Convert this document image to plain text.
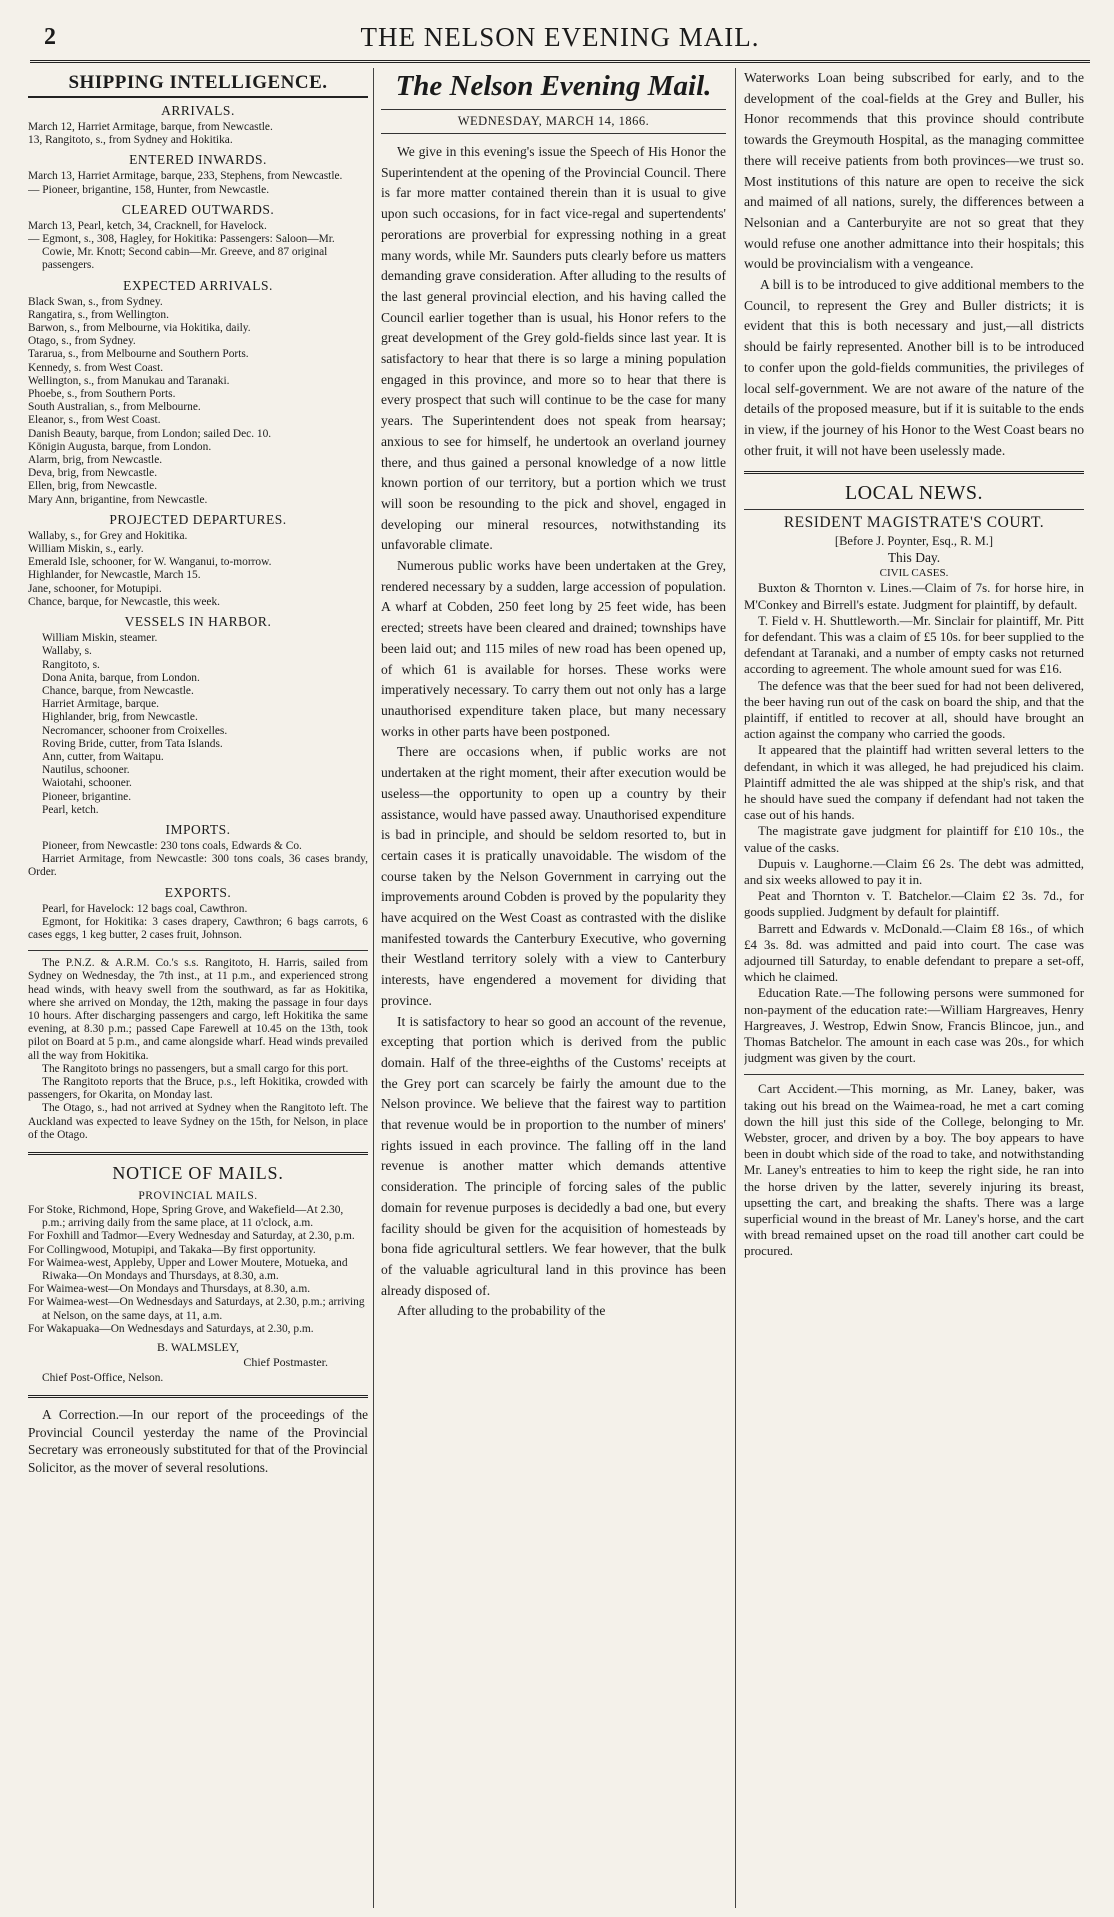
2	THE NELSON EVENING MAIL.
SHIPPING INTELLIGENCE.
ARRIVALS.

March 12, Harriet Armitage, barque, from Newcastle.

13, Rangitoto, s., from Sydney and Hokitika.

ENTERED INWARDS.

March 13, Harriet Armitage, barque, 233, Stephens, from Newcastle.

— Pioneer, brigantine, 158, Hunter, from Newcastle.

CLEARED OUTWARDS.

March 13, Pearl, ketch, 34, Cracknell, for Havelock.

— Egmont, s., 308, Hagley, for Hokitika: Passengers: Saloon—Mr. Cowie, Mr. Knott; Second cabin—Mr. Greeve, and 87 original passengers.

EXPECTED ARRIVALS.

Black Swan, s., from Sydney.

Rangatira, s., from Wellington.

Barwon, s., from Melbourne, via Hokitika, daily.

Otago, s., from Sydney.

Tararua, s., from Melbourne and Southern Ports.

Kennedy, s. from West Coast.

Wellington, s., from Manukau and Taranaki.

Phoebe, s., from Southern Ports.

South Australian, s., from Melbourne.

Eleanor, s., from West Coast.

Danish Beauty, barque, from London; sailed Dec. 10.

Königin Augusta, barque, from London.

Alarm, brig, from Newcastle.

Deva, brig, from Newcastle.

Ellen, brig, from Newcastle.

Mary Ann, brigantine, from Newcastle.

PROJECTED DEPARTURES.

Wallaby, s., for Grey and Hokitika.

William Miskin, s., early.

Emerald Isle, schooner, for W. Wanganui, to-morrow.

Highlander, for Newcastle, March 15.

Jane, schooner, for Motupipi.

Chance, barque, for Newcastle, this week.

VESSELS IN HARBOR.

William Miskin, steamer.

Wallaby, s.

Rangitoto, s.

Dona Anita, barque, from London.

Chance, barque, from Newcastle.

Harriet Armitage, barque.

Highlander, brig, from Newcastle.

Necromancer, schooner from Croixelles.

Roving Bride, cutter, from Tata Islands.

Ann, cutter, from Waitapu.

Nautilus, schooner.

Waiotahi, schooner.

Pioneer, brigantine.

Pearl, ketch.

IMPORTS.

Pioneer, from Newcastle: 230 tons coals, Edwards & Co.

Harriet Armitage, from Newcastle: 300 tons coals, 36 cases brandy, Order.

EXPORTS.

Pearl, for Havelock: 12 bags coal, Cawthron.

Egmont, for Hokitika: 3 cases drapery, Cawthron; 6 bags carrots, 6 cases eggs, 1 keg butter, 2 cases fruit, Johnson.

The P.N.Z. & A.R.M. Co.'s s.s. Rangitoto, H. Harris, sailed from Sydney on Wednesday, the 7th inst., at 11 p.m., and experienced strong head winds, with heavy swell from the southward, as far as Hokitika, where she arrived on Monday, the 12th, making the passage in four days 10 hours. After discharging passengers and cargo, left Hokitika the same evening, at 8.30 p.m.; passed Cape Farewell at 10.45 on the 13th, took pilot on Board at 5 p.m., and came alongside wharf. Head winds prevailed all the way from Hokitika.

The Rangitoto brings no passengers, but a small cargo for this port.

The Rangitoto reports that the Bruce, p.s., left Hokitika, crowded with passengers, for Okarita, on Monday last.

The Otago, s., had not arrived at Sydney when the Rangitoto left. The Auckland was expected to leave Sydney on the 15th, for Nelson, in place of the Otago.

NOTICE OF MAILS.
PROVINCIAL MAILS.

For Stoke, Richmond, Hope, Spring Grove, and Wakefield—At 2.30, p.m.; arriving daily from the same place, at 11 o'clock, a.m.

For Foxhill and Tadmor—Every Wednesday and Saturday, at 2.30, p.m.

For Collingwood, Motupipi, and Takaka—By first opportunity.

For Waimea-west, Appleby, Upper and Lower Moutere, Motueka, and Riwaka—On Mondays and Thursdays, at 8.30, a.m.

For Waimea-west—On Mondays and Thursdays, at 8.30, a.m.

For Waimea-west—On Wednesdays and Saturdays, at 2.30, p.m.; arriving at Nelson, on the same days, at 11, a.m.

For Wakapuaka—On Wednesdays and Saturdays, at 2.30, p.m.

B. WALMSLEY,
Chief Postmaster.
Chief Post-Office, Nelson.

A Correction.—In our report of the proceedings of the Provincial Council yesterday the name of the Provincial Secretary was erroneously substituted for that of the Provincial Solicitor, as the mover of several resolutions.

The Nelson Evening Mail.
WEDNESDAY, MARCH 14, 1866.

We give in this evening's issue the Speech of His Honor the Superintendent at the opening of the Provincial Council. There is far more matter contained therein than it is usual to give upon such occasions, for in fact vice-regal and supertendents' perorations are proverbial for expressing nothing in a great many words, while Mr. Saunders puts clearly before us matters demanding grave consideration. After alluding to the results of the last general provincial election, and his having called the Council earlier together than is usual, his Honor refers to the great development of the Grey gold-fields since last year. It is satisfactory to hear that there is so large a mining population engaged in this province, and more so to hear that there is every prospect that such will continue to be the case for many years. The Superintendent does not speak from hearsay; anxious to see for himself, he undertook an overland journey there, and thus gained a personal knowledge of a now little known portion of our territory, but a portion which we trust will soon be resounding to the pick and shovel, engaged in developing our mineral resources, notwithstanding its unfavorable climate.

Numerous public works have been undertaken at the Grey, rendered necessary by a sudden, large accession of population. A wharf at Cobden, 250 feet long by 25 feet wide, has been erected; streets have been cleared and drained; townships have been laid out; and 115 miles of new road has been opened up, of which 61 is available for horses. These works were imperatively necessary. To carry them out not only has a large unauthorised expenditure taken place, but many necessary works in other parts have been postponed.

There are occasions when, if public works are not undertaken at the right moment, their after execution would be useless—the opportunity to open up a country by their assistance, would have passed away. Unauthorised expenditure is bad in principle, and should be seldom resorted to, but in certain cases it is pratically unavoidable. The wisdom of the course taken by the Nelson Government in carrying out the improvements around Cobden is proved by the popularity they have acquired on the West Coast as contrasted with the dislike manifested towards the Canterbury Executive, who governing their Westland territory solely with a view to Canterbury interests, have engendered a movement for dividing that province.

It is satisfactory to hear so good an account of the revenue, excepting that portion which is derived from the public domain. Half of the three-eighths of the Customs' receipts at the Grey port can scarcely be fairly the amount due to the Nelson province. We believe that the fairest way to partition that revenue would be in proportion to the number of miners' rights issued in each province. The falling off in the land revenue is another matter which demands attentive consideration. The principle of forcing sales of the public domain for revenue purposes is decidedly a bad one, but every facility should be given for the acquisition of homesteads by bona fide agricultural settlers. We fear however, that the bulk of the valuable agricultural land in this province has been already disposed of.

After alluding to the probability of the

Waterworks Loan being subscribed for early, and to the development of the coal-fields at the Grey and Buller, his Honor recommends that this province should contribute towards the Greymouth Hospital, as the managing committee there will receive patients from both provinces—we trust so. Most institutions of this nature are open to receive the sick and maimed of all nations, surely, the differences between a Nelsonian and a Canterburyite are not so great that they would refuse one another admittance into their hospitals; this would be provincialism with a vengeance.

A bill is to be introduced to give additional members to the Council, to represent the Grey and Buller districts; it is evident that this is both necessary and just,—all districts should be fairly represented. Another bill is to be introduced to confer upon the gold-fields communities, the privileges of local self-government. We are not aware of the nature of the details of the proposed measure, but if it is suitable to the ends in view, if the journey of his Honor to the West Coast bears no other fruit, it will not have been uselessly made.

LOCAL NEWS.
RESIDENT MAGISTRATE'S COURT.
[Before J. Poynter, Esq., R. M.]
This Day.
CIVIL CASES.

Buxton & Thornton v. Lines.—Claim of 7s. for horse hire, in M'Conkey and Birrell's estate. Judgment for plaintiff, by default.

T. Field v. H. Shuttleworth.—Mr. Sinclair for plaintiff, Mr. Pitt for defendant. This was a claim of £5 10s. for beer supplied to the defendant at Taranaki, and a number of empty casks not returned according to agreement. The whole amount sued for was £16.

The defence was that the beer sued for had not been delivered, the beer having run out of the cask on board the ship, and that the plaintiff, if entitled to recover at all, should have brought an action against the company who carried the goods.

It appeared that the plaintiff had written several letters to the defendant, in which it was alleged, he had prejudiced his claim. Plaintiff admitted the ale was shipped at the ship's risk, and that he should have sued the company if defendant had not taken the case out of his hands.

The magistrate gave judgment for plaintiff for £10 10s., the value of the casks.

Dupuis v. Laughorne.—Claim £6 2s. The debt was admitted, and six weeks allowed to pay it in.

Peat and Thornton v. T. Batchelor.—Claim £2 3s. 7d., for goods supplied. Judgment by default for plaintiff.

Barrett and Edwards v. McDonald.—Claim £8 16s., of which £4 3s. 8d. was admitted and paid into court. The case was adjourned till Saturday, to enable defendant to prepare a set-off, which he claimed.

Education Rate.—The following persons were summoned for non-payment of the education rate:—William Hargreaves, Henry Hargreaves, J. Westrop, Edwin Snow, Francis Blincoe, jun., and Thomas Batchelor. The amount in each case was 20s., for which judgment was given by the court.

Cart Accident.—This morning, as Mr. Laney, baker, was taking out his bread on the Waimea-road, he met a cart coming down the hill just this side of the College, belonging to Mr. Webster, grocer, and driven by a boy. The boy appears to have been in doubt which side of the road to take, and notwithstanding Mr. Laney's entreaties to him to keep the right side, he ran into the horse driven by the latter, severely injuring its breast, upsetting the cart, and breaking the shafts. There was a large superficial wound in the breast of Mr. Laney's horse, and the cart with bread remained upset on the road till another cart could be procured.
